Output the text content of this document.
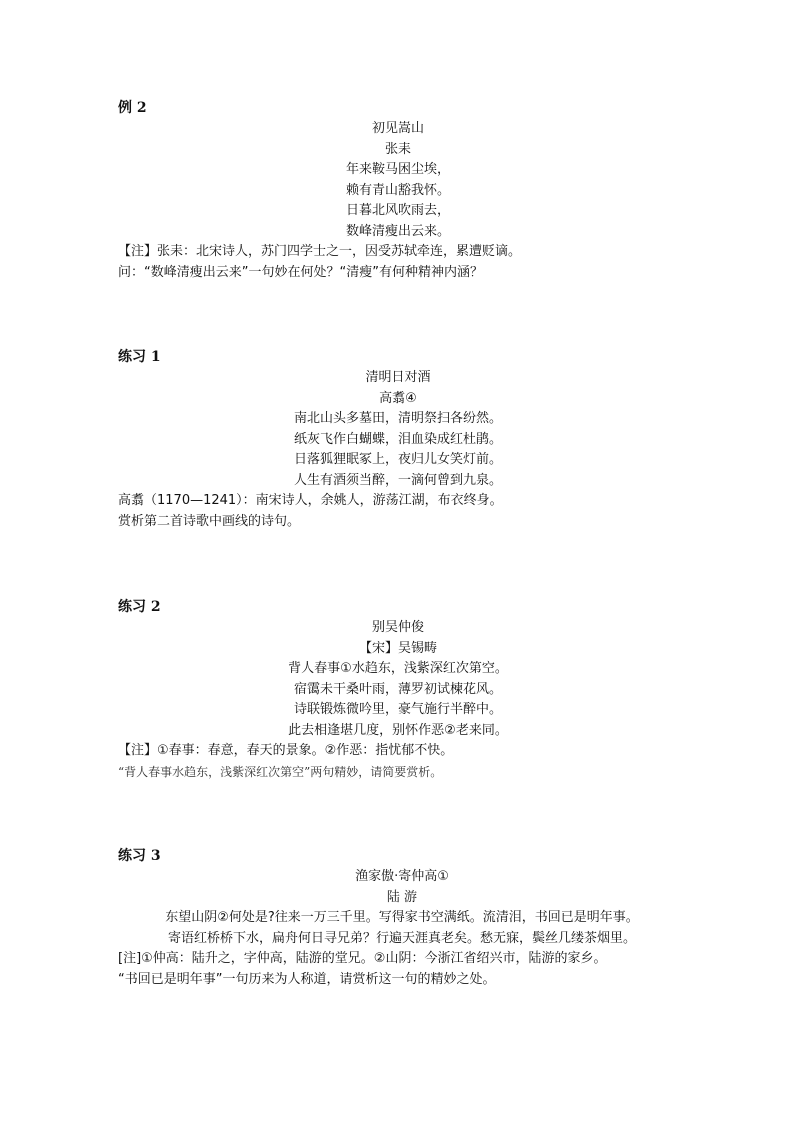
例 2
初见嵩山
张耒
年来鞍马困尘埃，
赖有青山豁我怀。
日暮北风吹雨去，
数峰清瘦出云来。
【注】张耒：北宋诗人，苏门四学士之一，因受苏轼牵连，累遭贬谪。
问：“数峰清瘦出云来”一句妙在何处？“清瘦”有何种精神内涵？
练习 1
清明日对酒
高翥④
南北山头多墓田，清明祭扫各纷然。
纸灰飞作白蝴蝶，泪血染成红杜鹃。
日落狐狸眠冢上，夜归儿女笑灯前。
人生有酒须当醉，一滴何曾到九泉。
高翥（1170—1241）：南宋诗人，余姚人，游荡江湖，布衣终身。
赏析第二首诗歌中画线的诗句。
练习 2
别吴仲俊
【宋】吴锡畴
背人春事①水趋东，浅紫深红次第空。
宿霭未干桑叶雨，薄罗初试楝花风。
诗联锻炼微吟里，豪气施行半醉中。
此去相逢堪几度，别怀作恶②老来同。
【注】①春事：春意，春天的景象。②作恶：指忧郁不快。
“背人春事水趋东，浅紫深红次第空”两句精妙，请简要赏析。
练习 3
渔家傲·寄仲高①
陆 游
东望山阴②何处是?往来一万三千里。写得家书空满纸。流清泪，书回已是明年事。
寄语红桥桥下水，扁舟何日寻兄弟？行遍天涯真老矣。愁无寐，鬓丝几缕茶烟里。
[注]①仲高：陆升之，字仲高，陆游的堂兄。②山阴：今浙江省绍兴市，陆游的家乡。
“书回已是明年事”一句历来为人称道，请赏析这一句的精妙之处。
